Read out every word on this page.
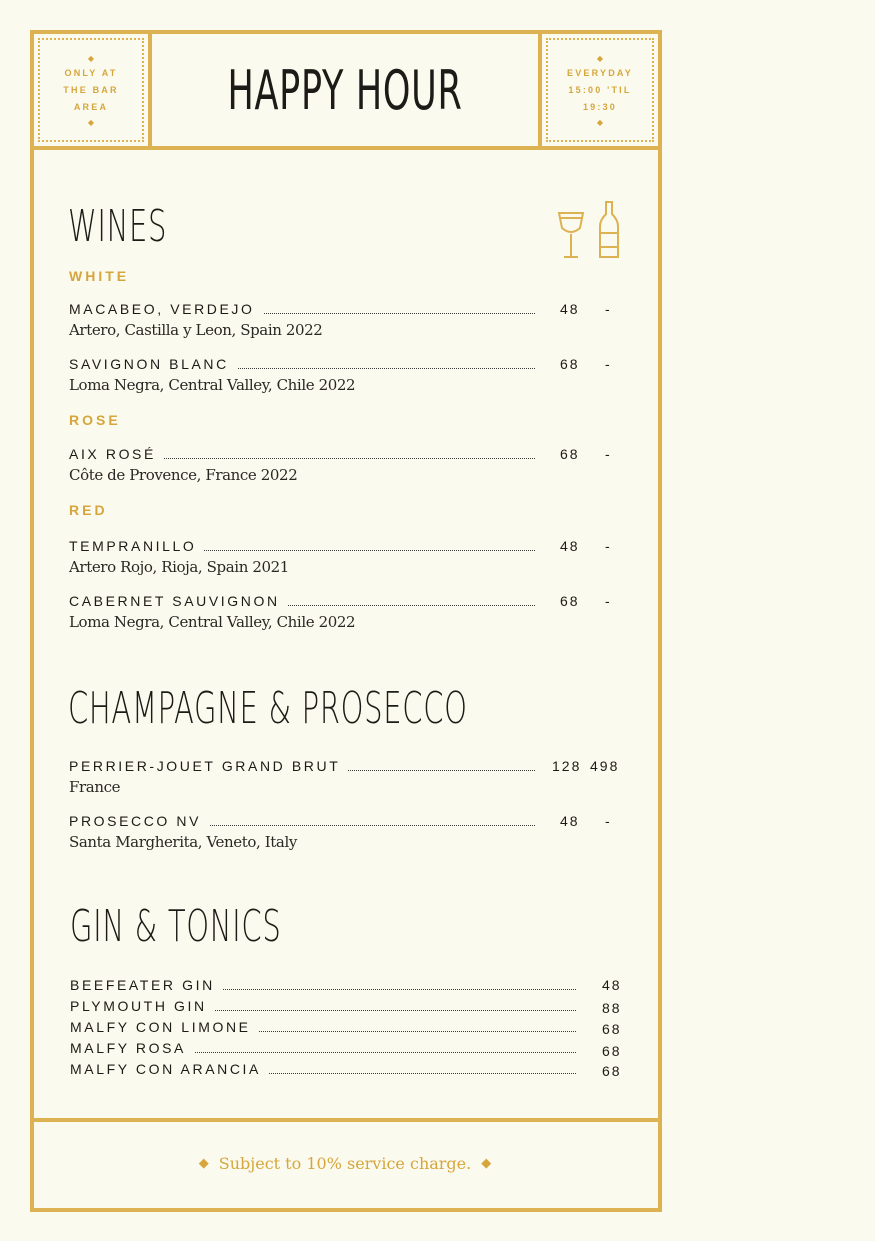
◆
ONLY AT
THE BAR
AREA
◆
HAPPY HOUR
◆
EVERYDAY
15:00 'TIL
19:30
◆
WINES
WHITE
MACABEO, VERDEJO	48 -
Artero, Castilla y Leon, Spain 2022
SAVIGNON BLANC	68 -
Loma Negra, Central Valley, Chile 2022
ROSE
AIX ROSÉ	68 -
Côte de Provence, France 2022
RED
TEMPRANILLO	48 -
Artero Rojo, Rioja, Spain 2021
CABERNET SAUVIGNON	68 -
Loma Negra, Central Valley, Chile 2022
CHAMPAGNE & PROSECCO
PERRIER-JOUET GRAND BRUT	128 498
France
PROSECCO NV	48 -
Santa Margherita, Veneto, Italy
GIN & TONICS
BEEFEATER GIN	48
PLYMOUTH GIN	88
MALFY CON LIMONE	68
MALFY ROSA	68
MALFY CON ARANCIA	68
◆ Subject to 10% service charge. ◆
